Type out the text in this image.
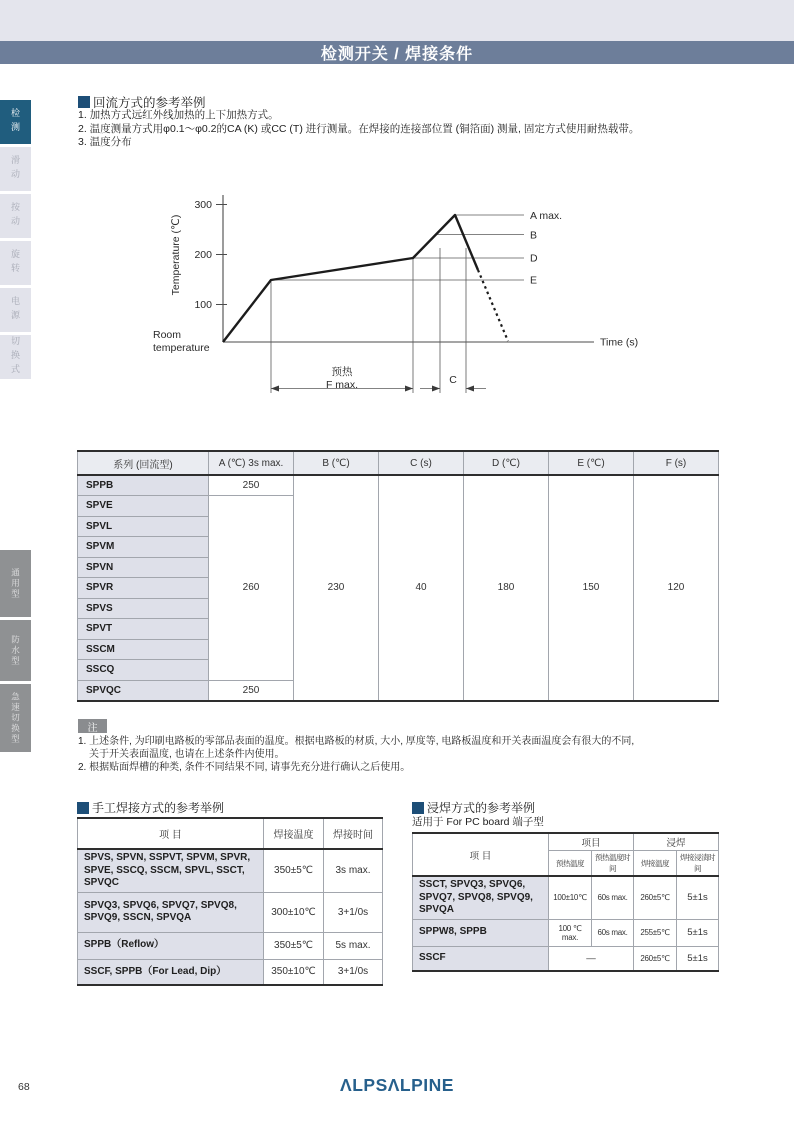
检测开关 / 焊接条件
检测
滑动
按动
旋转
电源
切换式
通用型
防水型
急速切换型
回流方式的参考举例
1. 加热方式远红外线加热的上下加热方式。
2. 温度测量方式用φ0.1～φ0.2的CA (K) 或CC (T) 进行测量。在焊接的连接部位置 (铜箔面) 测量, 固定方式使用耐热载带。
3. 温度分布
300
200
100
Temperature (℃)
Time (s)
Room
temperature
A max.
B
D
E
预热
F max.	C
系列 (回流型)	A (℃) 3s max.	B (℃)	C (s)	D (℃)	E (℃)	F (s)
SPPB	250	230	40	180	150	120
SPVE	260					
SPVL						
SPVM						
SPVN						
SPVR						
SPVS						
SPVT						
SSCM						
SSCQ						
SPVQC	250					
注
1. 上述条件, 为印刷电路板的零部品表面的温度。根据电路板的材质, 大小, 厚度等, 电路板温度和开关表面温度会有很大的不同,
关于开关表面温度, 也请在上述条件内使用。
2. 根据贴面焊槽的种类, 条件不同结果不同, 请事先充分进行确认之后使用。
手工焊接方式的参考举例
项 目	焊接温度	焊接时间
SPVS, SPVN, SSPVT, SPVM, SPVR, SPVE, SSCQ, SSCM, SPVL, SSCT, SPVQC	350±5℃	3s max.
SPVQ3, SPVQ6, SPVQ7, SPVQ8, SPVQ9, SSCN, SPVQA	300±10℃	3+1/0s
SPPB（Reflow）	350±5℃	5s max.
SSCF, SPPB（For Lead, Dip）	350±10℃	3+1/0s
浸焊方式的参考举例
适用于 For PC board 端子型
项 目	项目		浸焊	
	预热温度	预热温度时间	焊接温度	焊接浸渍时间
SSCT, SPVQ3, SPVQ6, SPVQ7, SPVQ8, SPVQ9, SPVQA	100±10℃	60s max.	260±5℃	5±1s
SPPW8, SPPB	100 ℃ max.	60s max.	255±5℃	5±1s
SSCF	—		260±5℃	5±1s
68	ΛLPSΛLPINE
